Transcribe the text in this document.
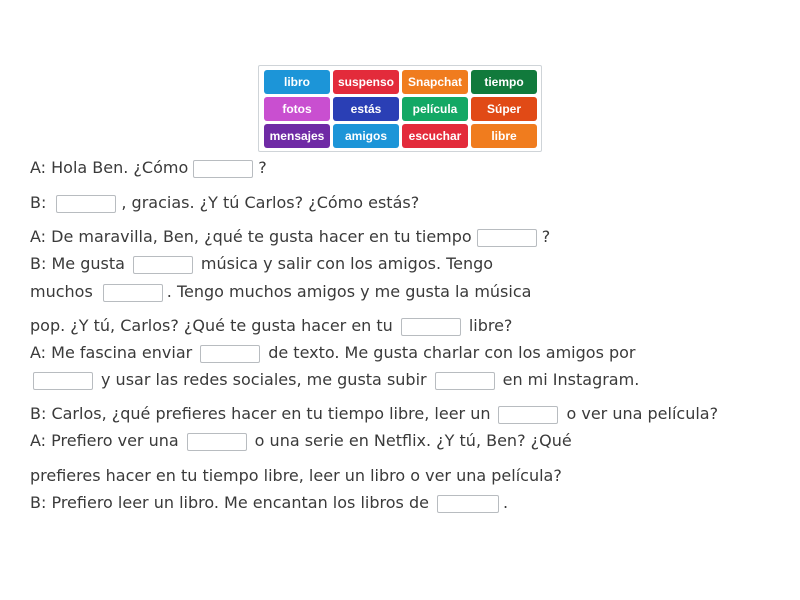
libro	suspenso	Snapchat	tiempo
fotos	estás	película	Súper
mensajes	amigos	escuchar	libre
A: Hola Ben. ¿Cómo	?
B:	, gracias. ¿Y tú Carlos? ¿Cómo estás?
A: De maravilla, Ben, ¿qué te gusta hacer en tu tiempo	?
B: Me gusta	música y salir con los amigos. Tengo
muchos	. Tengo muchos amigos y me gusta la música
pop. ¿Y tú, Carlos? ¿Qué te gusta hacer en tu	libre?
A: Me fascina enviar	de texto. Me gusta charlar con los amigos por
y usar las redes sociales, me gusta subir	en mi Instagram.
B: Carlos, ¿qué prefieres hacer en tu tiempo libre, leer un	o ver una película?
A: Prefiero ver una	o una serie en Netflix. ¿Y tú, Ben? ¿Qué
prefieres hacer en tu tiempo libre, leer un libro o ver una película?
B: Prefiero leer un libro. Me encantan los libros de	.
